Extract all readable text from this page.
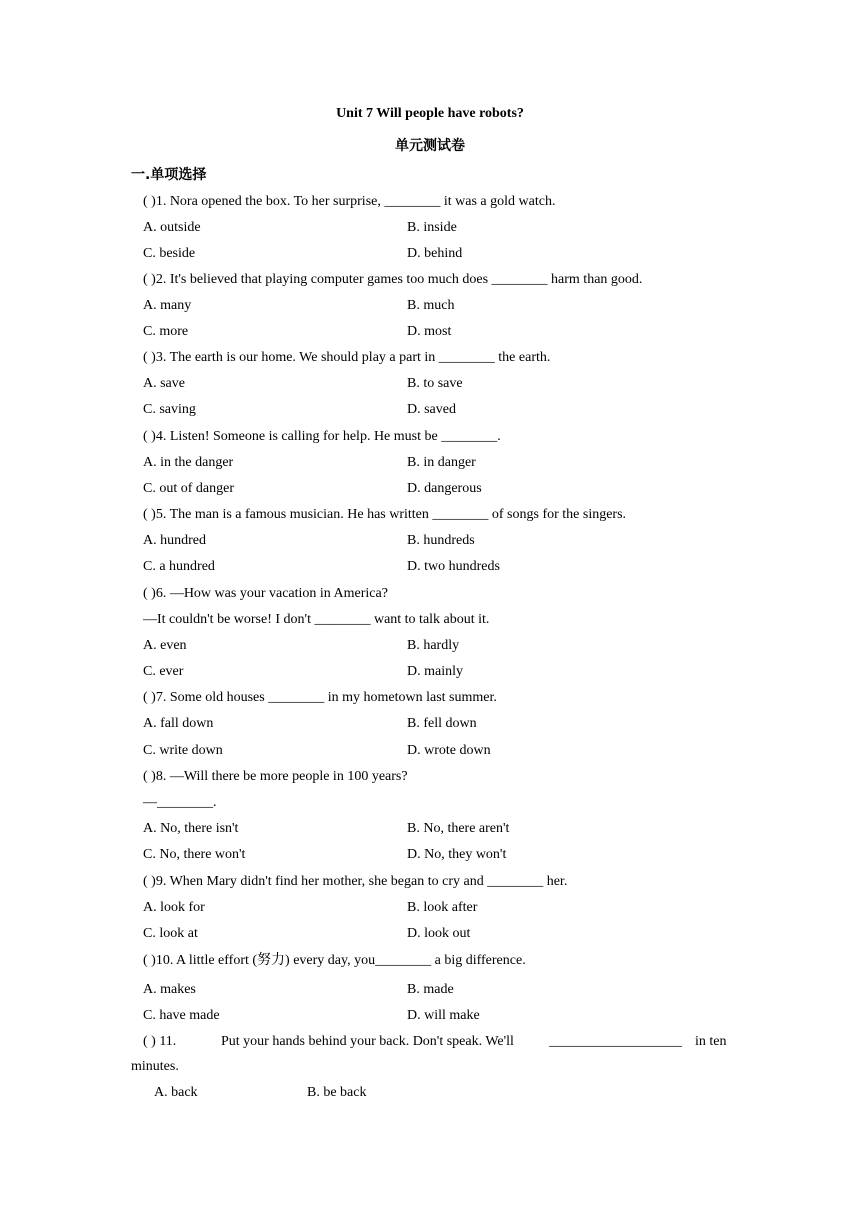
Unit 7 Will people have robots?
单元测试卷
一.单项选择
( )1. Nora opened the box. To her surprise, ________ it was a gold watch.
A. outside	B. inside
C. beside	D. behind
( )2. It's believed that playing computer games too much does ________ harm than good.
A. many	B. much
C. more	D. most
( )3. The earth is our home. We should play a part in ________ the earth.
A. save	B. to save
C. saving	D. saved
( )4. Listen! Someone is calling for help. He must be ________.
A. in the danger	B. in danger
C. out of danger	D. dangerous
( )5. The man is a famous musician. He has written ________ of songs for the singers.
A. hundred	B. hundreds
C. a hundred	D. two hundreds
( )6. —How was your vacation in America?
—It couldn't be worse! I don't ________ want to talk about it.
A. even	B. hardly
C. ever	D. mainly
( )7. Some old houses ________ in my hometown last summer.
A. fall down	B. fell down
C. write down	D. wrote down
( )8. —Will there be more people in 100 years?
—________.
A. No, there isn't	B. No, there aren't
C. No, there won't	D. No, they won't
( )9. When Mary didn't find her mother, she began to cry and ________ her.
A. look for	B. look after
C. look at	D. look out
( )10. A little effort (努力) every day, you________ a big difference.
A. makes	B. made
C. have made	D. will make
( ) 11.	Put your hands behind your back. Don't speak. We'll	___________________ in ten
minutes.
A. back	B. be back
